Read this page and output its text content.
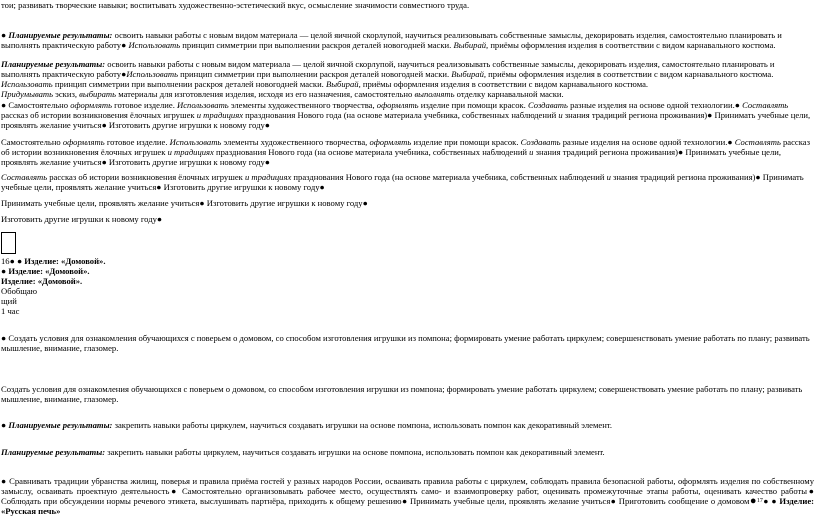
тои; развивать творческие навыки; воспитывать художественно-эстетический вкус, осмысление значимости совместного труда.

● Планируемые результаты: освоить навыки работы с новым видом материала — целой яичной скорлупой, научиться реализовывать собственные замыслы, декорировать изделия, самостоятельно планировать и выполнять практическую работу● Использовать принцип симметрии при выполнении раскроя деталей новогодней маски. Выбирай, приёмы оформления изделия в соответствии с видом карнавального костюма.

Планируемые результаты: освоить навыки работы с новым видом материала — целой яичной скорлупой, научиться реализовывать собственные замыслы, декорировать изделия, самостоятельно планировать и выполнять практическую работу●Использовать принцип симметрии при выполнении раскроя деталей новогодней маски. Выбирай, приёмы оформления изделия в соответствии с видом карнавального костюма.

Использовать принцип симметрии при выполнении раскроя деталей новогодней маски. Выбирай, приёмы оформления изделия в соответствии с видом карнавального костюма.

Придумывать эскиз, выбирать материалы для изготовления изделия, исходя из его назначения, самостоятельно выполнять отделку карнавальной маски.

● Самостоятельно оформлять готовое изделие. Использовать элементы художественного творчества, оформлять изделие при помощи красок. Создавать разные изделия на основе одной технологии.● Составлять рассказ об истории возникновения ёлочных игрушек и традициях празднования Нового года (на основе материала учебника, собственных наблюдений и знания традиций региона проживания)● Принимать учебные цели, проявлять желание учиться● Изготовить другие игрушки к новому году●

Самостоятельно оформлять готовое изделие. Использовать элементы художественного творчества, оформлять изделие при помощи красок. Создавать разные изделия на основе одной технологии.● Составлять рассказ об истории возникновения ёлочных игрушек и традициях празднования Нового года (на основе материала учебника, собственных наблюдений и знания традиций региона проживания)● Принимать учебные цели, проявлять желание учиться● Изготовить другие игрушки к новому году●

Составлять рассказ об истории возникновения ёлочных игрушек и традициях празднования Нового года (на основе материала учебника, собственных наблюдений и знания традиций региона проживания)● Принимать учебные цели, проявлять желание учиться● Изготовить другие игрушки к новому году●

Принимать учебные цели, проявлять желание учиться● Изготовить другие игрушки к новому году●

Изготовить другие игрушки к новому году●

16● ● Изделие: «Домовой».
● Изделие: «Домовой».
Изделие: «Домовой».
Обобщаю
щий
1 час

● Создать условия для ознакомления обучающихся с поверьем о домовом, со способом изготовления игрушки из помпона; формировать умение работать циркулем; совершенствовать умение работать по плану; развивать мышление, внимание, глазомер.

Создать условия для ознакомления обучающихся с поверьем о домовом, со способом изготовления игрушки из помпона; формировать умение работать циркулем; совершенствовать умение работать по плану; развивать мышление, внимание, глазомер.

● Планируемые результаты: закрепить навыки работы циркулем, научиться создавать игрушки на основе помпона, использовать помпон как декоративный элемент.

Планируемые результаты: закрепить навыки работы циркулем, научиться создавать игрушки на основе помпона, использовать помпон как декоративный элемент.

● Сравнивать традиции убранства жилищ, поверья и правила приёма гостей у разных народов России, осваивать правила работы с циркулем, соблюдать правила безопасной работы, оформлять изделия по собственному замыслу, осваивать проектную деятельность● Самостоятельно организовывать рабочее место, осуществлять само- и взаимопроверку работ, оценивать промежуточные этапы работы, оценивать качество работы● Соблюдать при обсуждении нормы речевого этикета, выслушивать партнёра, приходить к общему решению● Принимать учебные цели, проявлять желание учиться● Приготовить сообщение о домовом●$^{17}$● ● Изделие: «Русская печь»
